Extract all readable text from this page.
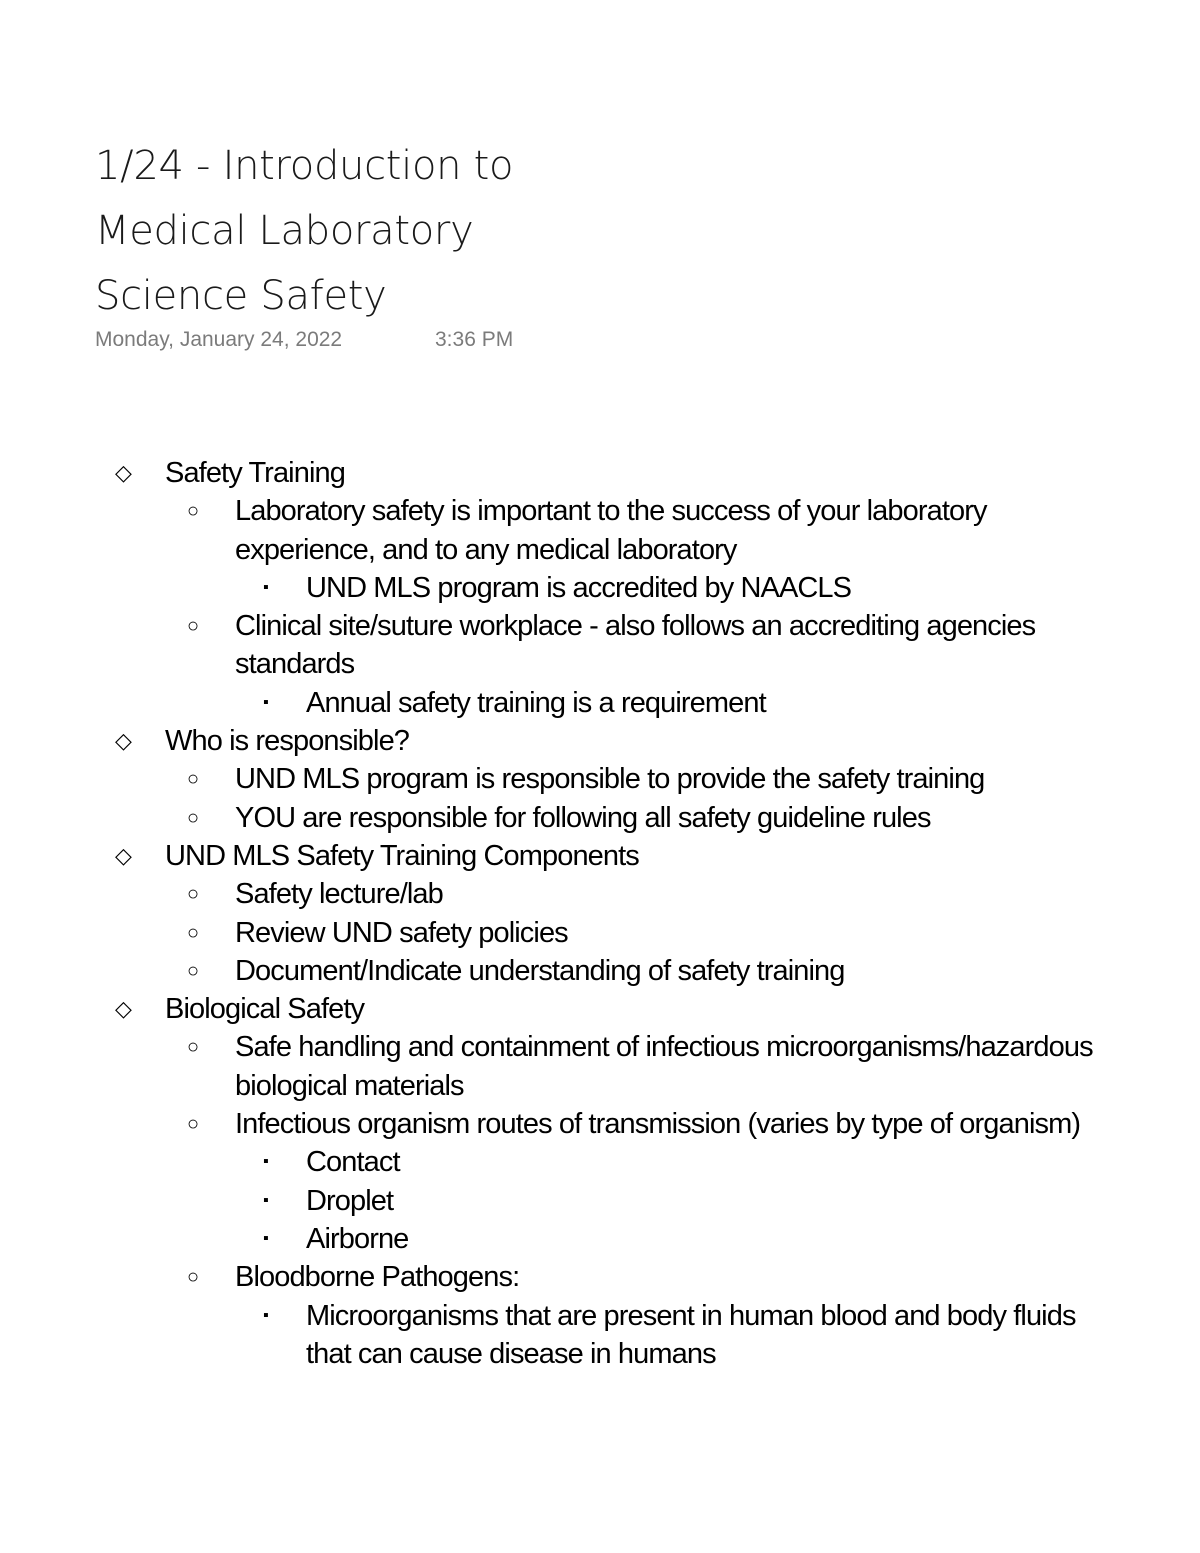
1/24 - Introduction to
Medical Laboratory
Science Safety
Monday, January 24, 2022	3:36 PM
◇ Safety Training
○ Laboratory safety is important to the success of your laboratory experience, and to any medical laboratory
▪ UND MLS program is accredited by NAACLS
○ Clinical site/suture workplace - also follows an accrediting agencies standards
▪ Annual safety training is a requirement
◇ Who is responsible?
○ UND MLS program is responsible to provide the safety training
○ YOU are responsible for following all safety guideline rules
◇ UND MLS Safety Training Components
○ Safety lecture/lab
○ Review UND safety policies
○ Document/Indicate understanding of safety training
◇ Biological Safety
○ Safe handling and containment of infectious microorganisms/hazardous biological materials
○ Infectious organism routes of transmission (varies by type of organism)
▪ Contact
▪ Droplet
▪ Airborne
○ Bloodborne Pathogens:
▪ Microorganisms that are present in human blood and body fluids that can cause disease in humans
